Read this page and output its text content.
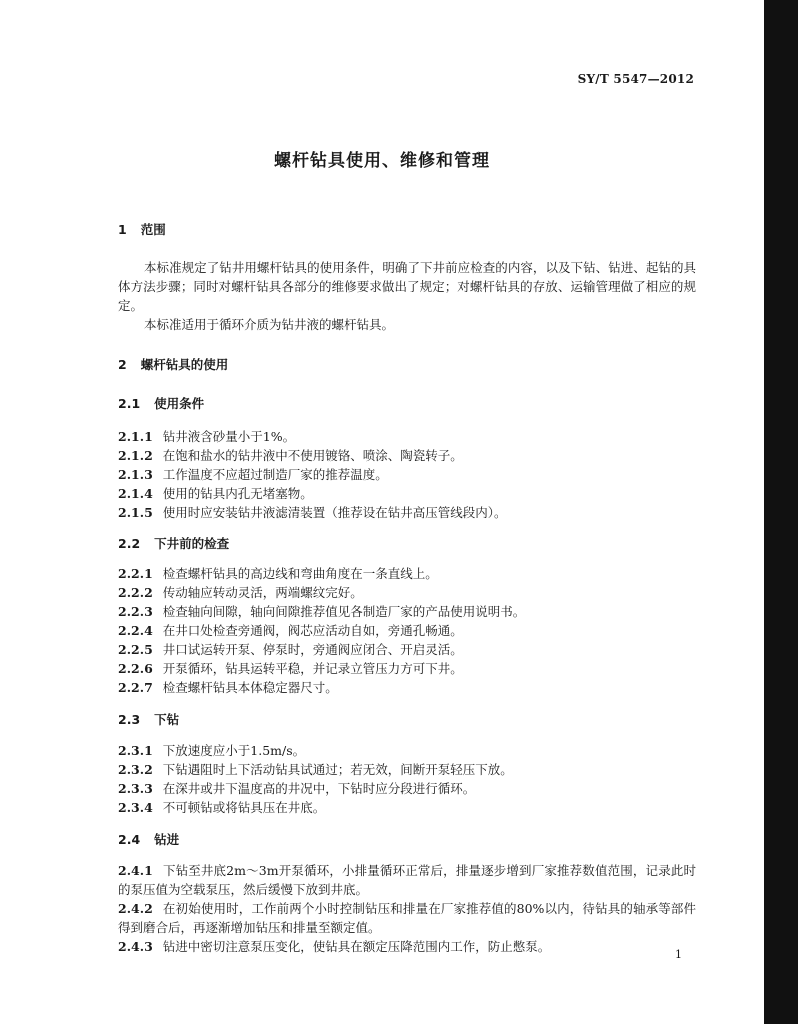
SY/T 5547—2012
螺杆钻具使用、维修和管理
1 范围

本标准规定了钻井用螺杆钻具的使用条件，明确了下井前应检查的内容，以及下钻、钻进、起钻的具体方法步骤；同时对螺杆钻具各部分的维修要求做出了规定；对螺杆钻具的存放、运输管理做了相应的规定。

本标准适用于循环介质为钻井液的螺杆钻具。

2 螺杆钻具的使用
2.1 使用条件

2.1.1 钻井液含砂量小于1%。

2.1.2 在饱和盐水的钻井液中不使用镀铬、喷涂、陶瓷转子。

2.1.3 工作温度不应超过制造厂家的推荐温度。

2.1.4 使用的钻具内孔无堵塞物。

2.1.5 使用时应安装钻井液滤清装置（推荐设在钻井高压管线段内）。

2.2 下井前的检查

2.2.1 检查螺杆钻具的高边线和弯曲角度在一条直线上。

2.2.2 传动轴应转动灵活，两端螺纹完好。

2.2.3 检查轴向间隙，轴向间隙推荐值见各制造厂家的产品使用说明书。

2.2.4 在井口处检查旁通阀，阀芯应活动自如，旁通孔畅通。

2.2.5 井口试运转开泵、停泵时，旁通阀应闭合、开启灵活。

2.2.6 开泵循环，钻具运转平稳，并记录立管压力方可下井。

2.2.7 检查螺杆钻具本体稳定器尺寸。

2.3 下钻

2.3.1 下放速度应小于1.5m/s。

2.3.2 下钻遇阻时上下活动钻具试通过；若无效，间断开泵轻压下放。

2.3.3 在深井或井下温度高的井况中，下钻时应分段进行循环。

2.3.4 不可顿钻或将钻具压在井底。

2.4 钻进

2.4.1 下钻至井底2m～3m开泵循环，小排量循环正常后，排量逐步增到厂家推荐数值范围，记录此时的泵压值为空载泵压，然后缓慢下放到井底。

2.4.2 在初始使用时，工作前两个小时控制钻压和排量在厂家推荐值的80%以内，待钻具的轴承等部件得到磨合后，再逐渐增加钻压和排量至额定值。

2.4.3 钻进中密切注意泵压变化，使钻具在额定压降范围内工作，防止憋泵。

1
